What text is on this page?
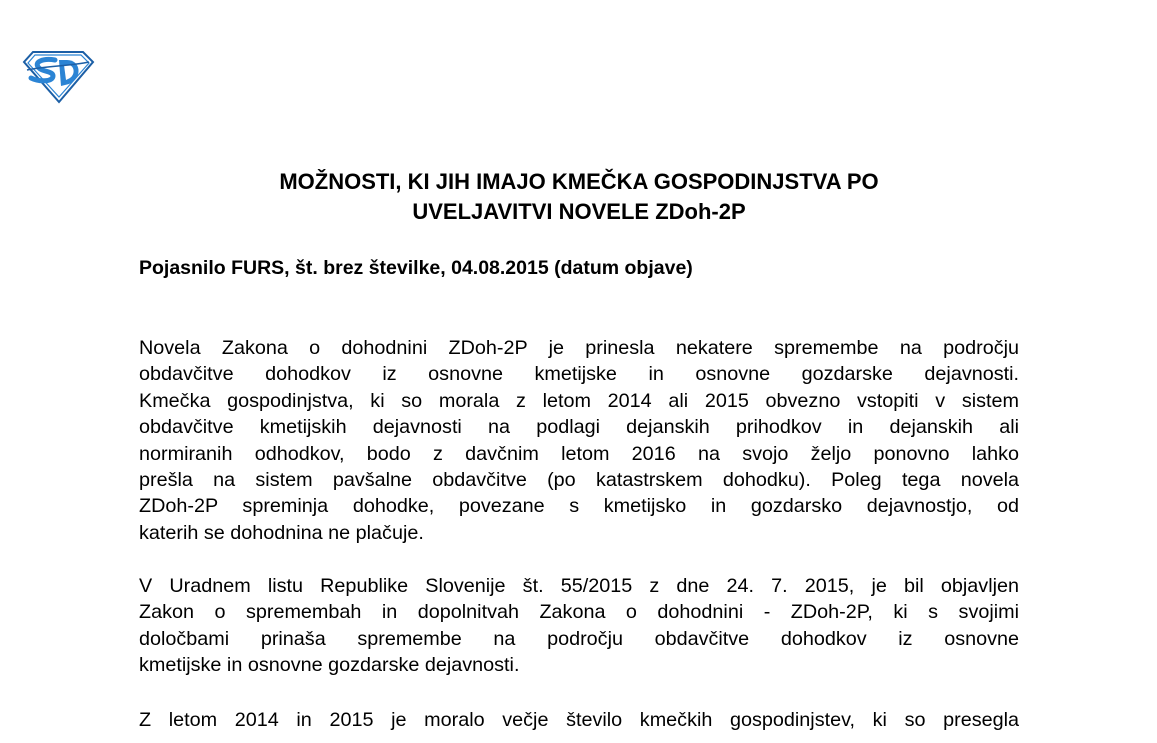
MOŽNOSTI, KI JIH IMAJO KMEČKA GOSPODINJSTVA PO
UVELJAVITVI NOVELE ZDoh-2P

Pojasnilo FURS, št. brez številke, 04.08.2015 (datum objave)

Novela Zakona o dohodnini ZDoh-2P je prinesla nekatere spremembe na področju
obdavčitve dohodkov iz osnovne kmetijske in osnovne gozdarske dejavnosti.
Kmečka gospodinjstva, ki so morala z letom 2014 ali 2015 obvezno vstopiti v sistem
obdavčitve kmetijskih dejavnosti na podlagi dejanskih prihodkov in dejanskih ali
normiranih odhodkov, bodo z davčnim letom 2016 na svojo željo ponovno lahko
prešla na sistem pavšalne obdavčitve (po katastrskem dohodku). Poleg tega novela
ZDoh-2P spreminja dohodke, povezane s kmetijsko in gozdarsko dejavnostjo, od
katerih se dohodnina ne plačuje.
V Uradnem listu Republike Slovenije št. 55/2015 z dne 24. 7. 2015, je bil objavljen
Zakon o spremembah in dopolnitvah Zakona o dohodnini - ZDoh-2P, ki s svojimi
določbami prinaša spremembe na področju obdavčitve dohodkov iz osnovne
kmetijske in osnovne gozdarske dejavnosti.
Z letom 2014 in 2015 je moralo večje število kmečkih gospodinjstev, ki so presegla
